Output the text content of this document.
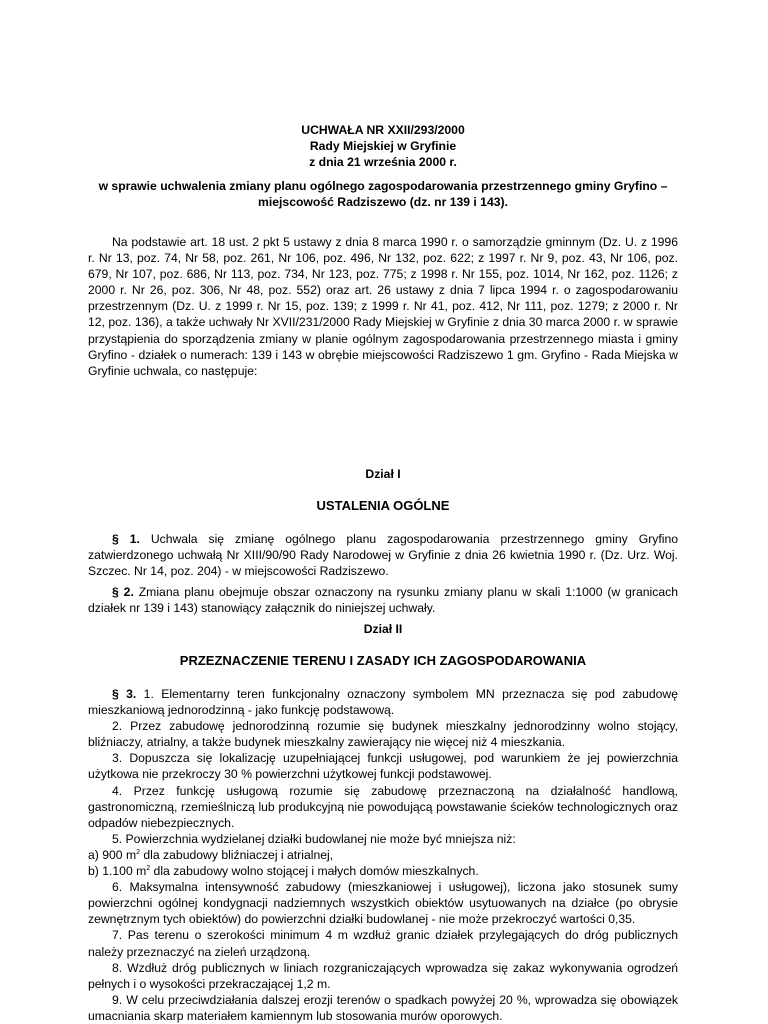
UCHWAŁA NR XXII/293/2000

Rady Miejskiej w Gryfinie

z dnia 21 września 2000 r.

w sprawie uchwalenia zmiany planu ogólnego zagospodarowania przestrzennego gminy Gryfino –

miejscowość Radziszewo (dz. nr 139 i 143).

Na podstawie art. 18 ust. 2 pkt 5 ustawy z dnia 8 marca 1990 r. o samorządzie gminnym (Dz. U. z 1996 r. Nr 13, poz. 74, Nr 58, poz. 261, Nr 106, poz. 496, Nr 132, poz. 622; z 1997 r. Nr 9, poz. 43, Nr 106, poz. 679, Nr 107, poz. 686, Nr 113, poz. 734, Nr 123, poz. 775; z 1998 r. Nr 155, poz. 1014, Nr 162, poz. 1126; z 2000 r. Nr 26, poz. 306, Nr 48, poz. 552) oraz art. 26 ustawy z dnia 7 lipca 1994 r. o zagospodarowaniu przestrzennym (Dz. U. z 1999 r. Nr 15, poz. 139; z 1999 r. Nr 41, poz. 412, Nr 111, poz. 1279; z 2000 r. Nr 12, poz. 136), a także uchwały Nr XVII/231/2000 Rady Miejskiej w Gryfinie z dnia 30 marca 2000 r. w sprawie przystąpienia do sporządzenia zmiany w planie ogólnym zagospodarowania przestrzennego miasta i gminy Gryfino - działek o numerach: 139 i 143 w obrębie miejscowości Radziszewo 1 gm. Gryfino - Rada Miejska w Gryfinie uchwala, co następuje:

Dział I

USTALENIA OGÓLNE

§ 1. Uchwala się zmianę ogólnego planu zagospodarowania przestrzennego gminy Gryfino zatwierdzonego uchwałą Nr XIII/90/90 Rady Narodowej w Gryfinie z dnia 26 kwietnia 1990 r. (Dz. Urz. Woj. Szczec. Nr 14, poz. 204) - w miejscowości Radziszewo.

§ 2. Zmiana planu obejmuje obszar oznaczony na rysunku zmiany planu w skali 1:1000 (w granicach działek nr 139 i 143) stanowiący załącznik do niniejszej uchwały.

Dział II

PRZEZNACZENIE TERENU I ZASADY ICH ZAGOSPODAROWANIA

§ 3. 1. Elementarny teren funkcjonalny oznaczony symbolem MN przeznacza się pod zabudowę mieszkaniową jednorodzinną - jako funkcję podstawową.

2. Przez zabudowę jednorodzinną rozumie się budynek mieszkalny jednorodzinny wolno stojący, bliźniaczy, atrialny, a także budynek mieszkalny zawierający nie więcej niż 4 mieszkania.

3. Dopuszcza się lokalizację uzupełniającej funkcji usługowej, pod warunkiem że jej powierzchnia użytkowa nie przekroczy 30 % powierzchni użytkowej funkcji podstawowej.

4. Przez funkcję usługową rozumie się zabudowę przeznaczoną na działalność handlową, gastronomiczną, rzemieślniczą lub produkcyjną nie powodującą powstawanie ścieków technologicznych oraz odpadów niebezpiecznych.

5. Powierzchnia wydzielanej działki budowlanej nie może być mniejsza niż:

a) 900 $m^2$ dla zabudowy bliźniaczej i atrialnej,

b) 1.100 $m^2$ dla zabudowy wolno stojącej i małych domów mieszkalnych.

6. Maksymalna intensywność zabudowy (mieszkaniowej i usługowej), liczona jako stosunek sumy powierzchni ogólnej kondygnacji nadziemnych wszystkich obiektów usytuowanych na działce (po obrysie zewnętrznym tych obiektów) do powierzchni działki budowlanej - nie może przekroczyć wartości 0,35.

7. Pas terenu o szerokości minimum 4 m wzdłuż granic działek przylegających do dróg publicznych należy przeznaczyć na zieleń urządzoną.

8. Wzdłuż dróg publicznych w liniach rozgraniczających wprowadza się zakaz wykonywania ogrodzeń pełnych i o wysokości przekraczającej 1,2 m.

9. W celu przeciwdziałania dalszej erozji terenów o spadkach powyżej 20 %, wprowadza się obowiązek umacniania skarp materiałem kamiennym lub stosowania murów oporowych.
